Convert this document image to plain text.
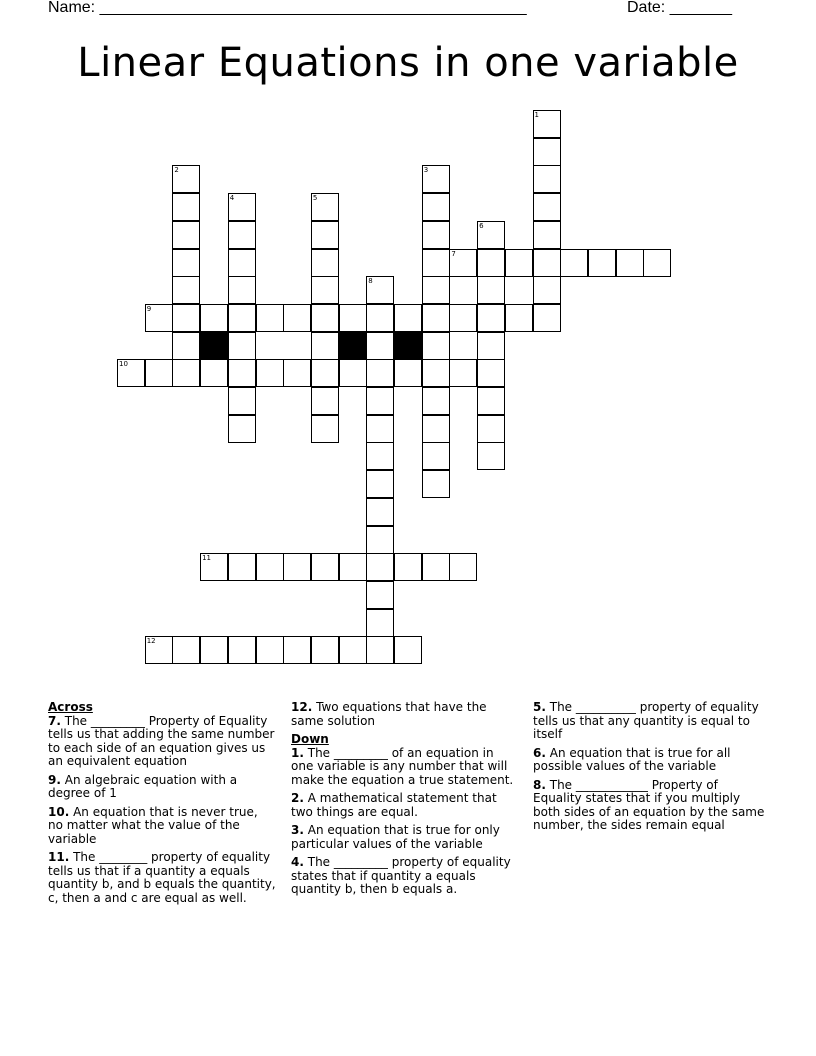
Name: ________________________________________________	Date: _______
Linear Equations in one variable
1
2	3
4	5
6
7
8
9
10
11
12
Across
7. The _________ Property of Equality tells us that adding the same number to each side of an equation gives us an equivalent equation
9. An algebraic equation with a degree of 1
10. An equation that is never true, no matter what the value of the variable
11. The ________ property of equality tells us that if a quantity a equals quantity b, and b equals the quantity, c, then a and c are equal as well.
12. Two equations that have the same solution
Down
1. The _________ of an equation in one variable is any number that will make the equation a true statement.
2. A mathematical statement that two things are equal.
3. An equation that is true for only particular values of the variable
4. The _________ property of equality states that if quantity a equals quantity b, then b equals a.
5. The __________ property of equality tells us that any quantity is equal to itself
6. An equation that is true for all possible values of the variable
8. The ____________ Property of Equality states that if you multiply both sides of an equation by the same number, the sides remain equal
